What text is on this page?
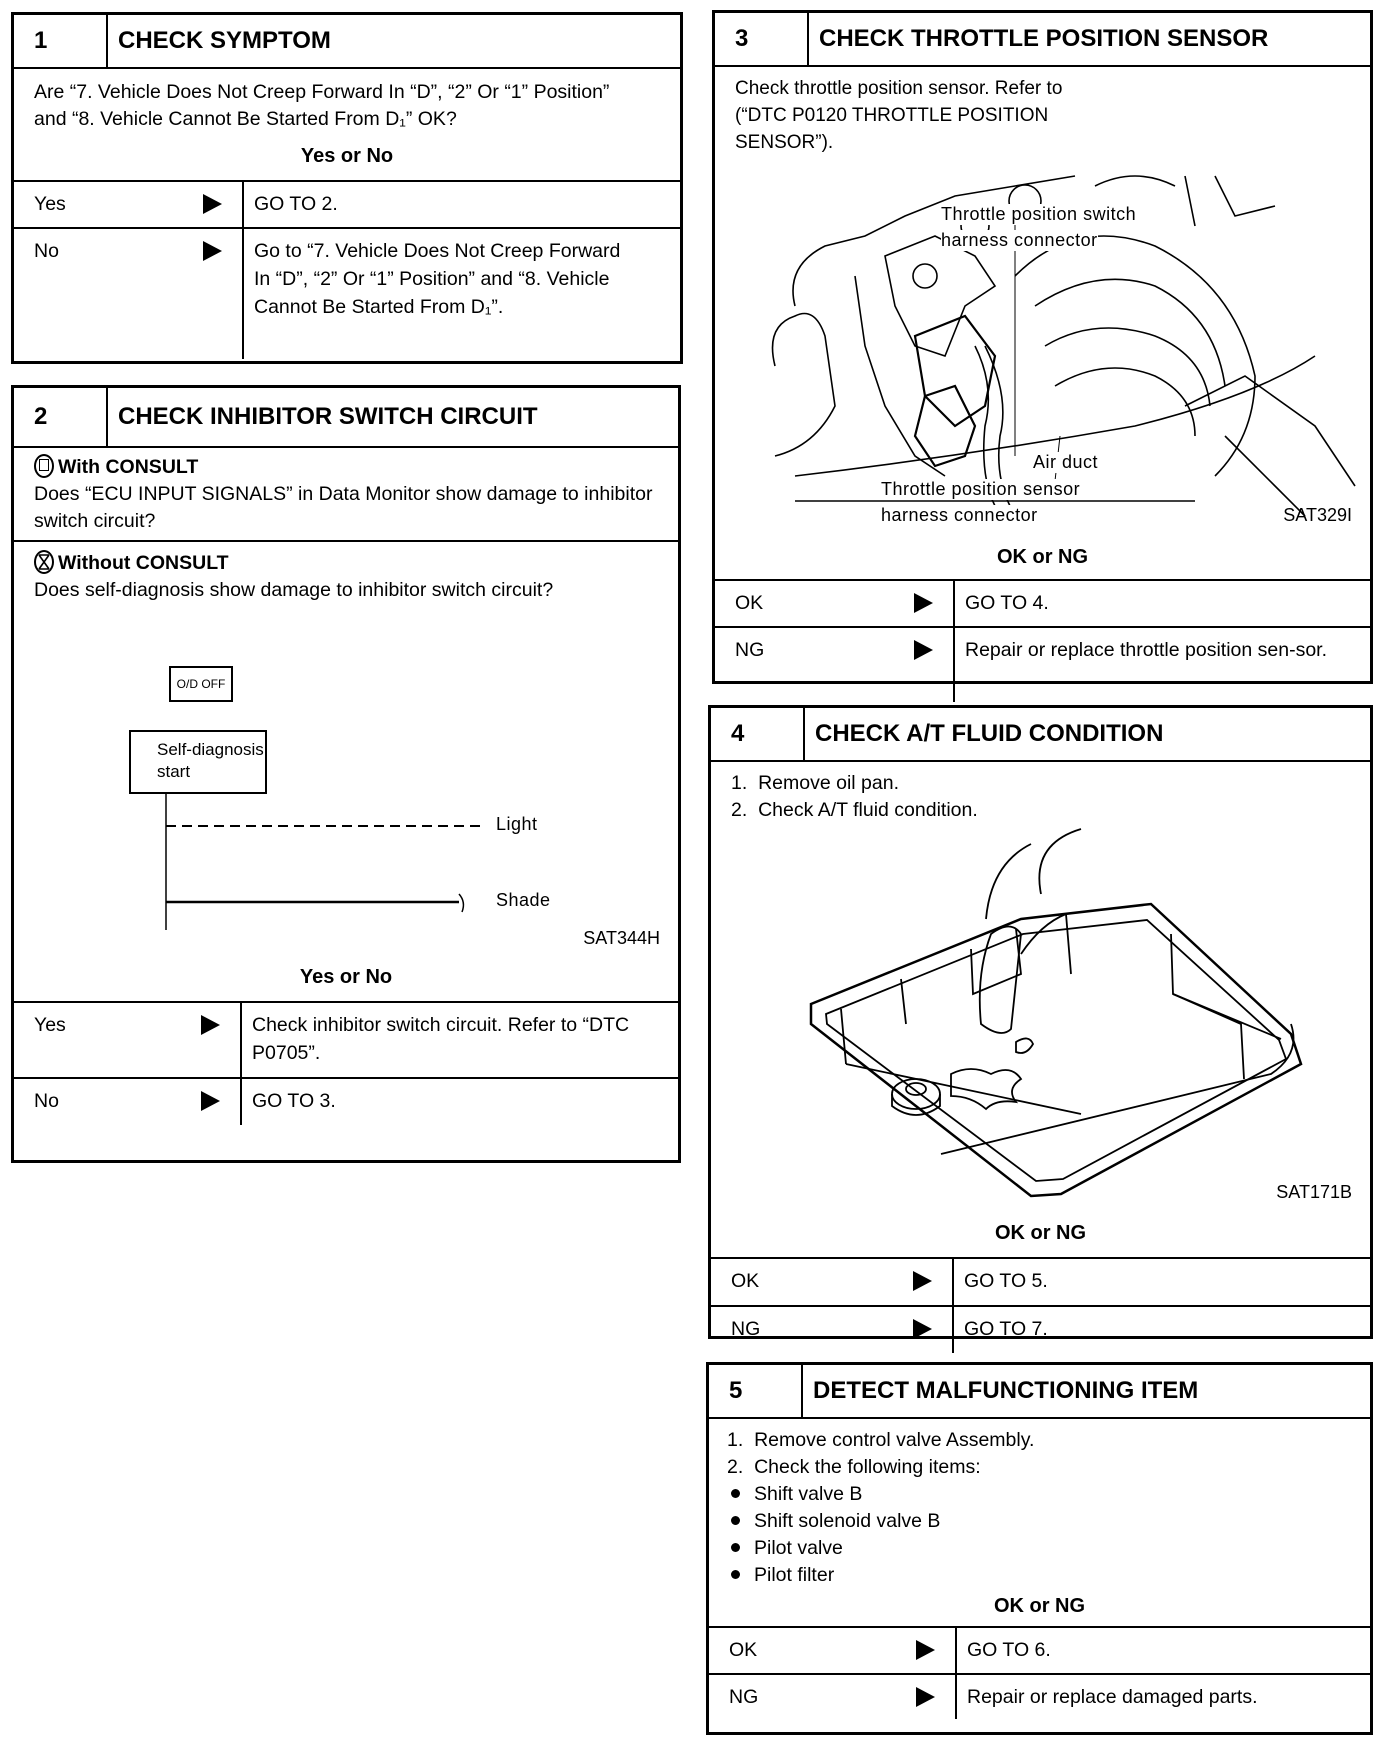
1	CHECK SYMPTOM
Are “7. Vehicle Does Not Creep Forward In “D”, “2” Or “1” Position” and “8. Vehicle Cannot Be Started From D₁” OK?
Yes or No
Yes	GO TO 2.
No	Go to “7. Vehicle Does Not Creep Forward In “D”, “2” Or “1” Position” and “8. Vehicle Cannot Be Started From D₁”.
2	CHECK INHIBITOR SWITCH CIRCUIT
With CONSULT
Does “ECU INPUT SIGNALS” in Data Monitor show damage to inhibitor switch circuit?
Without CONSULT
Does self-diagnosis show damage to inhibitor switch circuit?
O/D OFF
Self-diagnosis start
Light
Shade
SAT344H
Yes or No
Yes	Check inhibitor switch circuit. Refer to “DTC P0705”.
No	GO TO 3.
3	CHECK THROTTLE POSITION SENSOR
Check throttle position sensor. Refer to (“DTC P0120 THROTTLE POSITION SENSOR”).
Throttle position switch
harness connector
Air duct
Throttle position sensor
harness connector	SAT329I
OK or NG
OK	GO TO 4.
NG	Repair or replace throttle position sen-sor.
4	CHECK A/T FLUID CONDITION
1.  Remove oil pan.
2.  Check A/T fluid condition.
SAT171B
OK or NG
OK	GO TO 5.
NG	GO TO 7.
5	DETECT MALFUNCTIONING ITEM
1.  Remove control valve Assembly.
2.  Check the following items:
Shift valve B
Shift solenoid valve B
Pilot valve
Pilot filter
OK or NG
OK	GO TO 6.
NG	Repair or replace damaged parts.
